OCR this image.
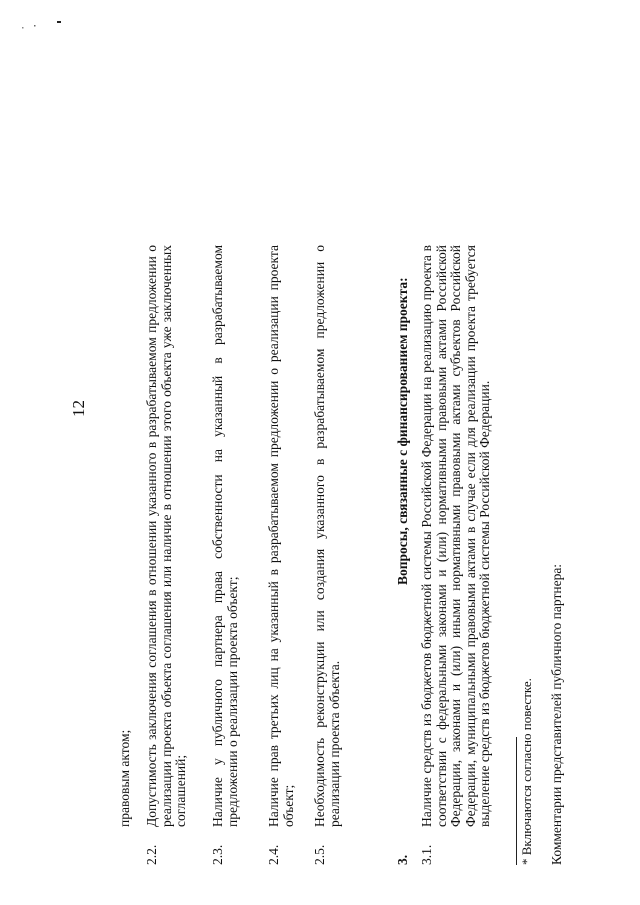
12
правовым актом;
2.2.
Допустимость заключения соглашения в отношении указанного в разрабатываемом предложении о реализации проекта объекта соглашения или наличие в отношении этого объекта уже заключенных соглашений;
2.3.
Наличие у публичного партнера права собственности на указанный в разрабатываемом предложении о реализации проекта объект;
2.4.
Наличие прав третьих лиц на указанный в разрабатываемом предложении о реализации проекта объект;
2.5.
Необходимость реконструкции или создания указанного в разрабатываемом предложении о реализации проекта объекта.
3.
Вопросы, связанные с финансированием проекта:
3.1.
Наличие средств из бюджетов бюджетной системы Российской Федерации на реализацию проекта в соответствии с федеральными законами и (или) нормативными правовыми актами Российской Федерации, законами и (или) иными нормативными правовыми актами субъектов Российской Федерации, муниципальными правовыми актами в случае если для реализации проекта требуется выделение средств из бюджетов бюджетной системы Российской Федерации. * Включаются согласно повестке. Комментарии представителей публичного партнера:
